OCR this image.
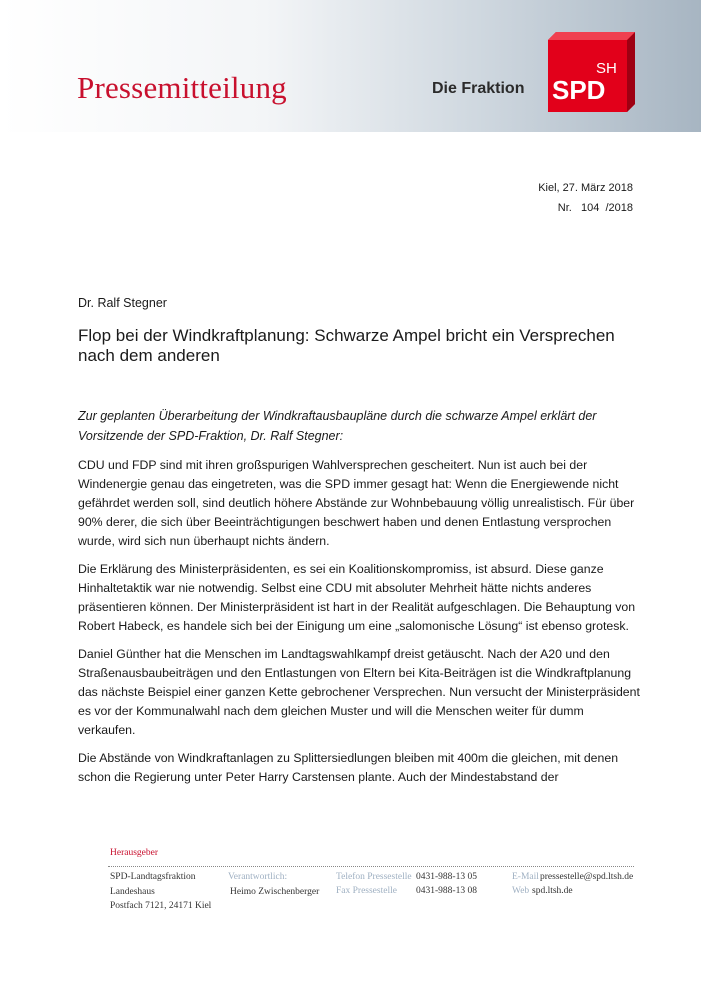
Pressemitteilung	Die Fraktion
SH
SPD
Kiel, 27. März 2018
Nr.   104  /2018
Dr. Ralf Stegner
Flop bei der Windkraftplanung: Schwarze Ampel bricht ein Versprechen nach dem anderen
Zur geplanten Überarbeitung der Windkraftausbaupläne durch die schwarze Ampel erklärt der Vorsitzende der SPD-Fraktion, Dr. Ralf Stegner:

CDU und FDP sind mit ihren großspurigen Wahlversprechen gescheitert. Nun ist auch bei der Windenergie genau das eingetreten, was die SPD immer gesagt hat: Wenn die Energiewende nicht gefährdet werden soll, sind deutlich höhere Abstände zur Wohnbebauung völlig unrealistisch. Für über 90% derer, die sich über Beeinträchtigungen beschwert haben und denen Entlastung versprochen wurde, wird sich nun überhaupt nichts ändern.

Die Erklärung des Ministerpräsidenten, es sei ein Koalitionskompromiss, ist absurd. Diese ganze Hinhaltetaktik war nie notwendig. Selbst eine CDU mit absoluter Mehrheit hätte nichts anderes präsentieren können. Der Ministerpräsident ist hart in der Realität aufgeschlagen. Die Behauptung von Robert Habeck, es handele sich bei der Einigung um eine „salomonische Lösung“ ist ebenso grotesk.

Daniel Günther hat die Menschen im Landtagswahlkampf dreist getäuscht. Nach der A20 und den Straßenausbaubeiträgen und den Entlastungen von Eltern bei Kita-Beiträgen ist die Windkraftplanung das nächste Beispiel einer ganzen Kette gebrochener Versprechen. Nun versucht der Ministerpräsident es vor der Kommunalwahl nach dem gleichen Muster und will die Menschen weiter für dumm verkaufen.

Die Abstände von Windkraftanlagen zu Splittersiedlungen bleiben mit 400m die gleichen, mit denen schon die Regierung unter Peter Harry Carstensen plante. Auch der Mindestabstand der

Herausgeber
SPD-Landtagsfraktion
Landeshaus
Postfach 7121, 24171 Kiel
Verantwortlich:
Heimo Zwischenberger
Telefon Pressestelle 0431-988-13 05
Fax Pressestelle 0431-988-13 08
E-Mail pressestelle@spd.ltsh.de
Web spd.ltsh.de
